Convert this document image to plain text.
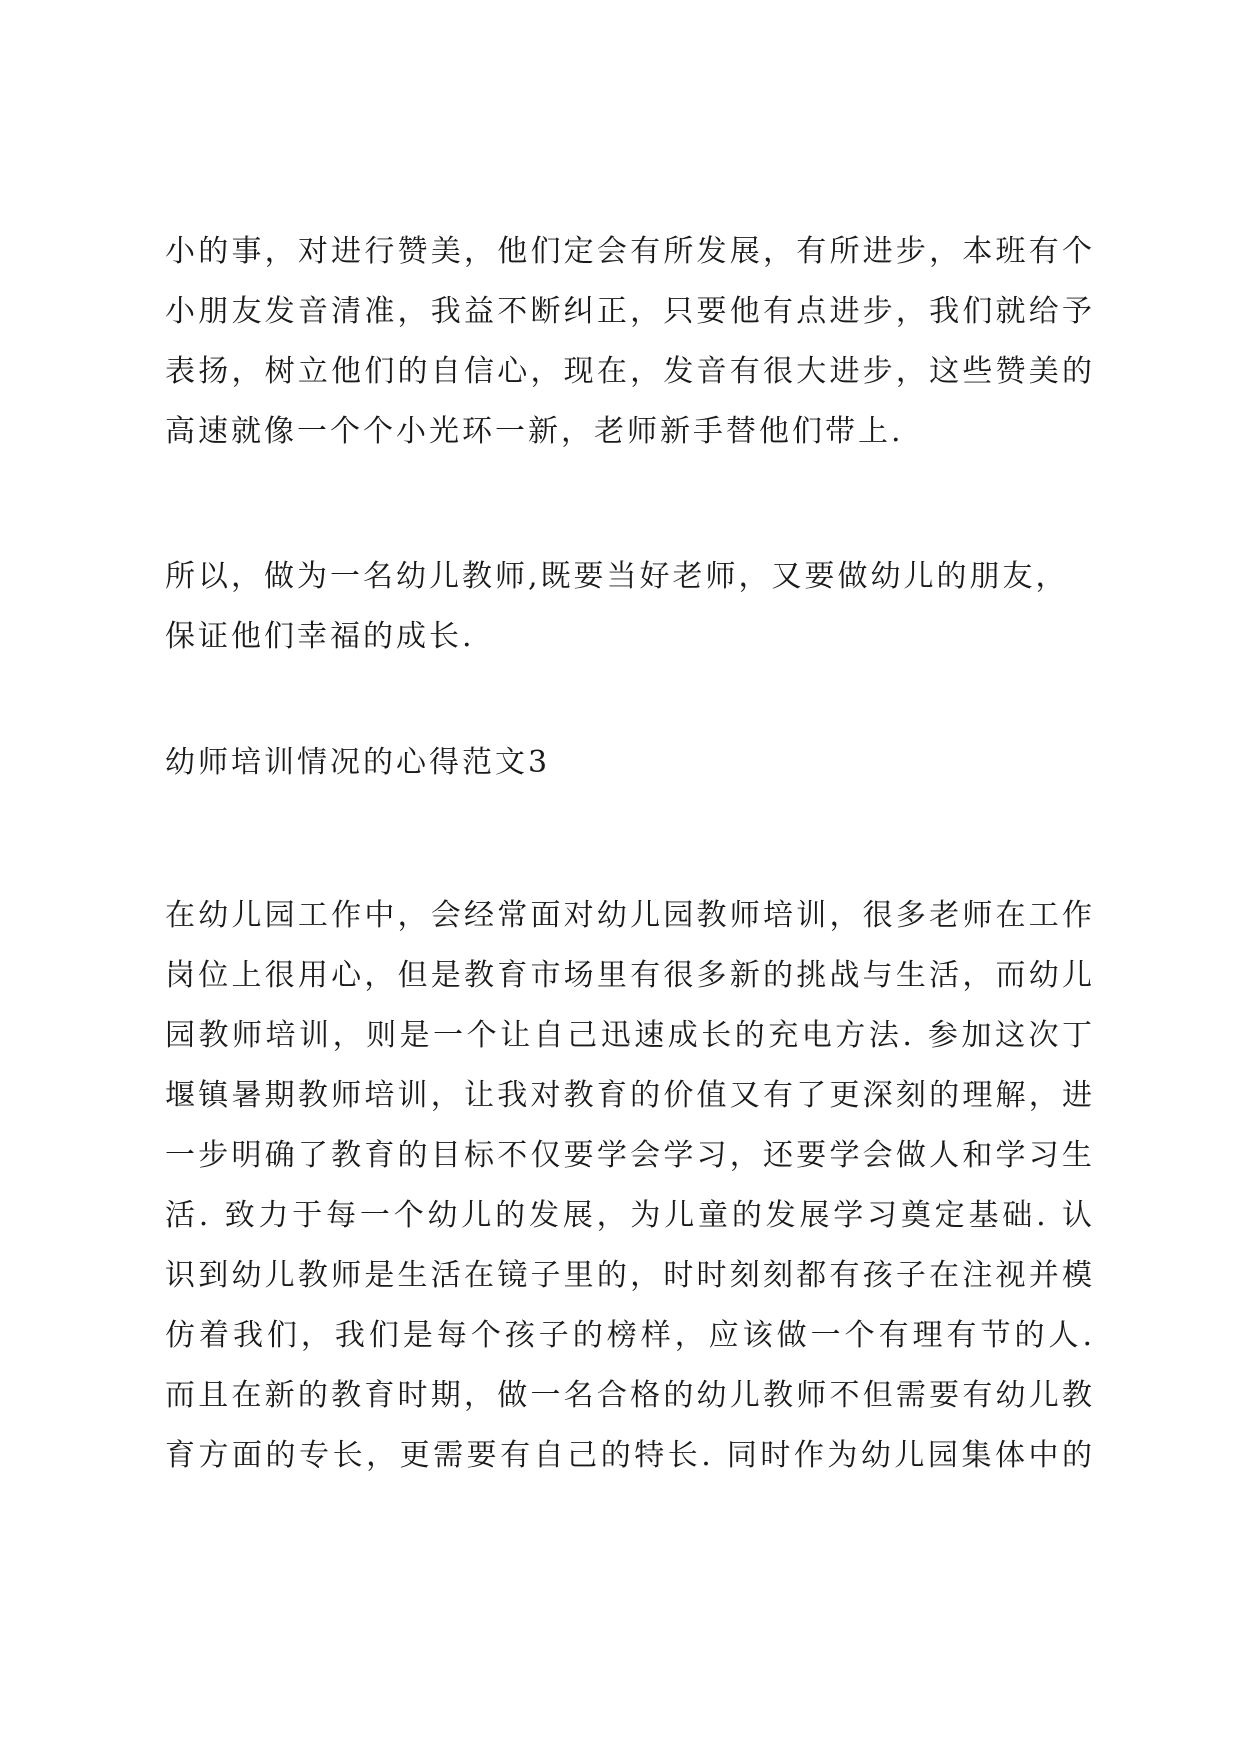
小的事，对进行赞美，他们定会有所发展，有所进步，本班有个
小朋友发音清准，我益不断纠正，只要他有点进步，我们就给予
表扬，树立他们的自信心，现在，发音有很大进步，这些赞美的
高速就像一个个小光环一新，老师新手替他们带上.
所以，做为一名幼儿教师,既要当好老师，又要做幼儿的朋友，
保证他们幸福的成长.
幼师培训情况的心得范文3
在幼儿园工作中，会经常面对幼儿园教师培训，很多老师在工作
岗位上很用心，但是教育市场里有很多新的挑战与生活，而幼儿
园教师培训，则是一个让自己迅速成长的充电方法. 参加这次丁
堰镇暑期教师培训，让我对教育的价值又有了更深刻的理解，进
一步明确了教育的目标不仅要学会学习，还要学会做人和学习生
活. 致力于每一个幼儿的发展，为儿童的发展学习奠定基础. 认
识到幼儿教师是生活在镜子里的，时时刻刻都有孩子在注视并模
仿着我们，我们是每个孩子的榜样，应该做一个有理有节的人.
而且在新的教育时期，做一名合格的幼儿教师不但需要有幼儿教
育方面的专长，更需要有自己的特长. 同时作为幼儿园集体中的
